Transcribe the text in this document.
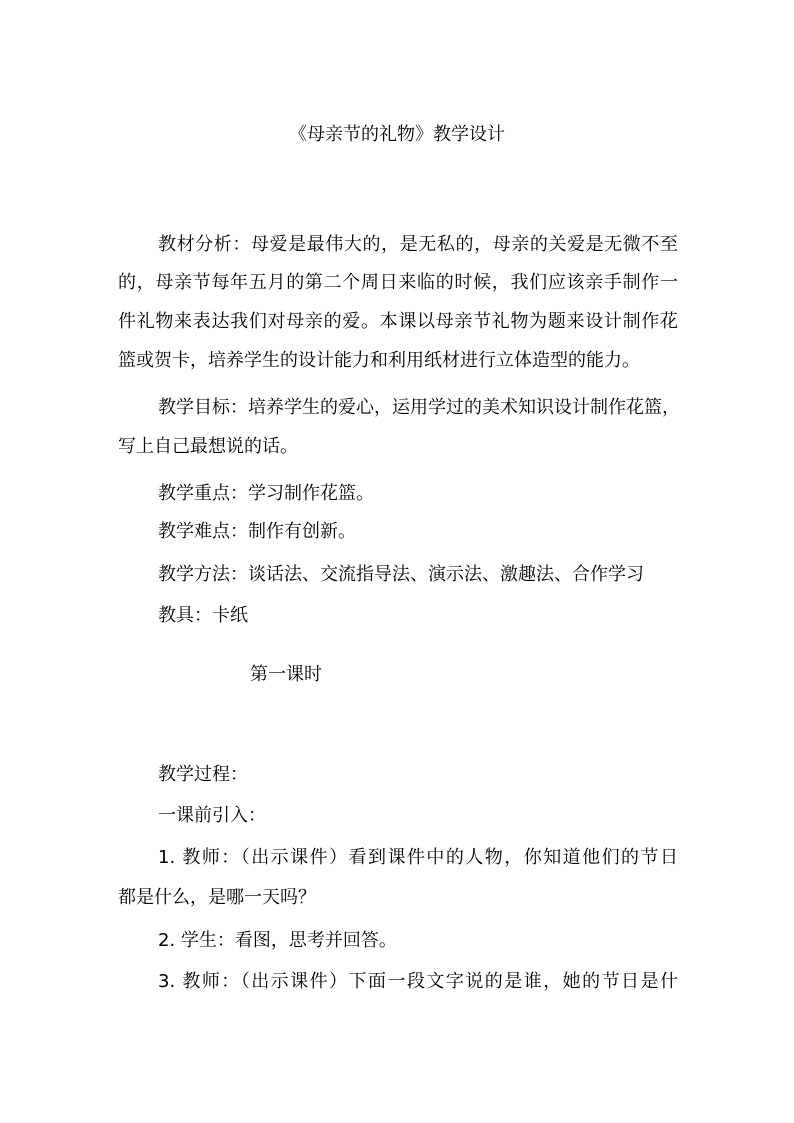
《母亲节的礼物》教学设计
教材分析：母爱是最伟大的，是无私的，母亲的关爱是无微不至
的，母亲节每年五月的第二个周日来临的时候，我们应该亲手制作一
件礼物来表达我们对母亲的爱。本课以母亲节礼物为题来设计制作花
篮或贺卡，培养学生的设计能力和利用纸材进行立体造型的能力。
教学目标：培养学生的爱心，运用学过的美术知识设计制作花篮，
写上自己最想说的话。
教学重点：学习制作花篮。
教学难点：制作有创新。
教学方法：谈话法、交流指导法、演示法、激趣法、合作学习
教具：卡纸
第一课时
教学过程：
一课前引入：
1. 教师：（出示课件）看到课件中的人物，你知道他们的节日
都是什么，是哪一天吗？
2. 学生：看图，思考并回答。
3. 教师：（出示课件）下面一段文字说的是谁，她的节日是什
